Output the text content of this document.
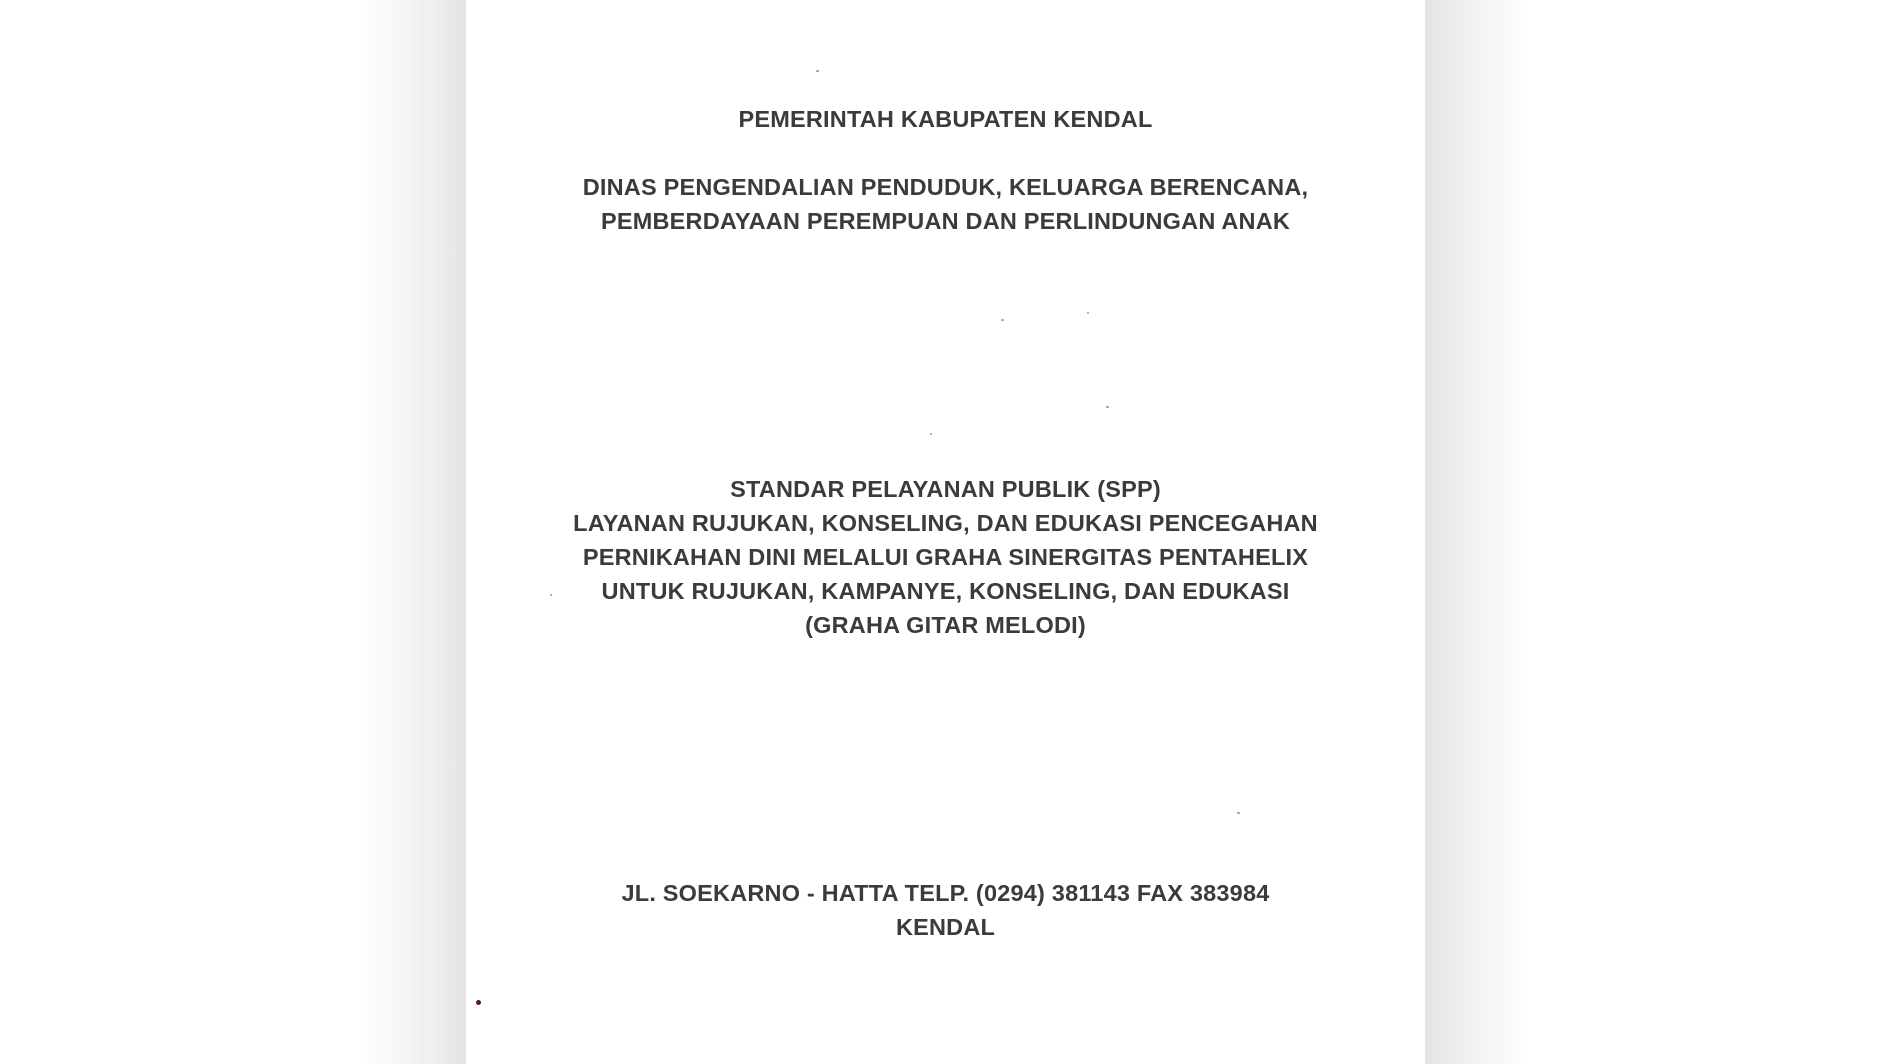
PEMERINTAH KABUPATEN KENDAL
DINAS PENGENDALIAN PENDUDUK, KELUARGA BERENCANA,
PEMBERDAYAAN PEREMPUAN DAN PERLINDUNGAN ANAK
STANDAR PELAYANAN PUBLIK (SPP)
LAYANAN RUJUKAN, KONSELING, DAN EDUKASI PENCEGAHAN
PERNIKAHAN DINI MELALUI GRAHA SINERGITAS PENTAHELIX
UNTUK RUJUKAN, KAMPANYE, KONSELING, DAN EDUKASI
(GRAHA GITAR MELODI)
JL. SOEKARNO - HATTA TELP. (0294) 381143 FAX 383984
KENDAL
